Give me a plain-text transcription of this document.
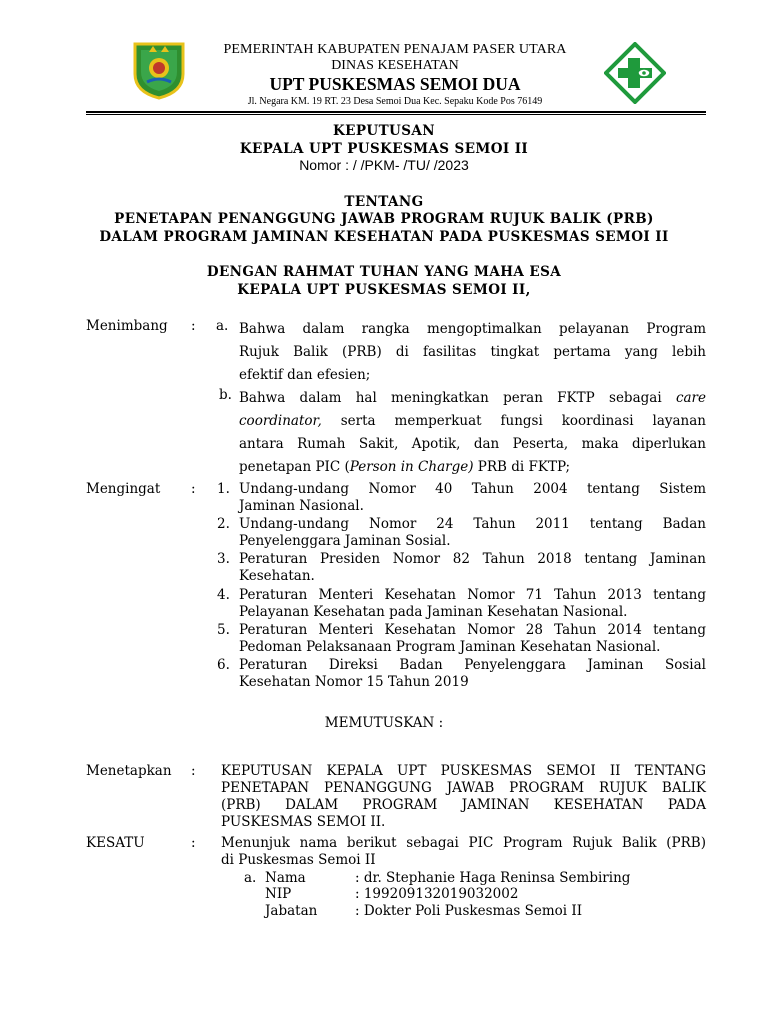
PEMERINTAH KABUPATEN PENAJAM PASER UTARA
DINAS KESEHATAN
UPT PUSKESMAS SEMOI DUA
Jl. Negara KM. 19 RT. 23 Desa Semoi Dua Kec. Sepaku Kode Pos 76149
KEPUTUSAN
KEPALA UPT PUSKESMAS SEMOI II
Nomor : / /PKM- /TU/ /2023
TENTANG
PENETAPAN PENANGGUNG JAWAB PROGRAM RUJUK BALIK (PRB)
DALAM PROGRAM JAMINAN KESEHATAN PADA PUSKESMAS SEMOI II
DENGAN RAHMAT TUHAN YANG MAHA ESA
KEPALA UPT PUSKESMAS SEMOI II,
Menimbang : a. Bahwa dalam rangka mengoptimalkan pelayanan Program
Rujuk Balik (PRB) di fasilitas tingkat pertama yang lebih
efektif dan efesien;
b. Bahwa dalam hal meningkatkan peran FKTP sebagai care
coordinator, serta memperkuat fungsi koordinasi layanan
antara Rumah Sakit, Apotik, dan Peserta, maka diperlukan
penetapan PIC (Person in Charge) PRB di FKTP;
Mengingat : 1. Undang-undang Nomor 40 Tahun 2004 tentang Sistem
Jaminan Nasional.
2. Undang-undang Nomor 24 Tahun 2011 tentang Badan
Penyelenggara Jaminan Sosial.
3. Peraturan Presiden Nomor 82 Tahun 2018 tentang Jaminan
Kesehatan.
4. Peraturan Menteri Kesehatan Nomor 71 Tahun 2013 tentang
Pelayanan Kesehatan pada Jaminan Kesehatan Nasional.
5. Peraturan Menteri Kesehatan Nomor 28 Tahun 2014 tentang
Pedoman Pelaksanaan Program Jaminan Kesehatan Nasional.
6. Peraturan Direksi Badan Penyelenggara Jaminan Sosial
Kesehatan Nomor 15 Tahun 2019
MEMUTUSKAN :
Menetapkan : KEPUTUSAN KEPALA UPT PUSKESMAS SEMOI II TENTANG
PENETAPAN PENANGGUNG JAWAB PROGRAM RUJUK BALIK
(PRB) DALAM PROGRAM JAMINAN KESEHATAN PADA
PUSKESMAS SEMOI II.
KESATU	: Menunjuk nama berikut sebagai PIC Program Rujuk Balik (PRB)
di Puskesmas Semoi II
a. Nama	: dr. Stephanie Haga Reninsa Sembiring
NIP	: 199209132019032002
Jabatan	: Dokter Poli Puskesmas Semoi II
